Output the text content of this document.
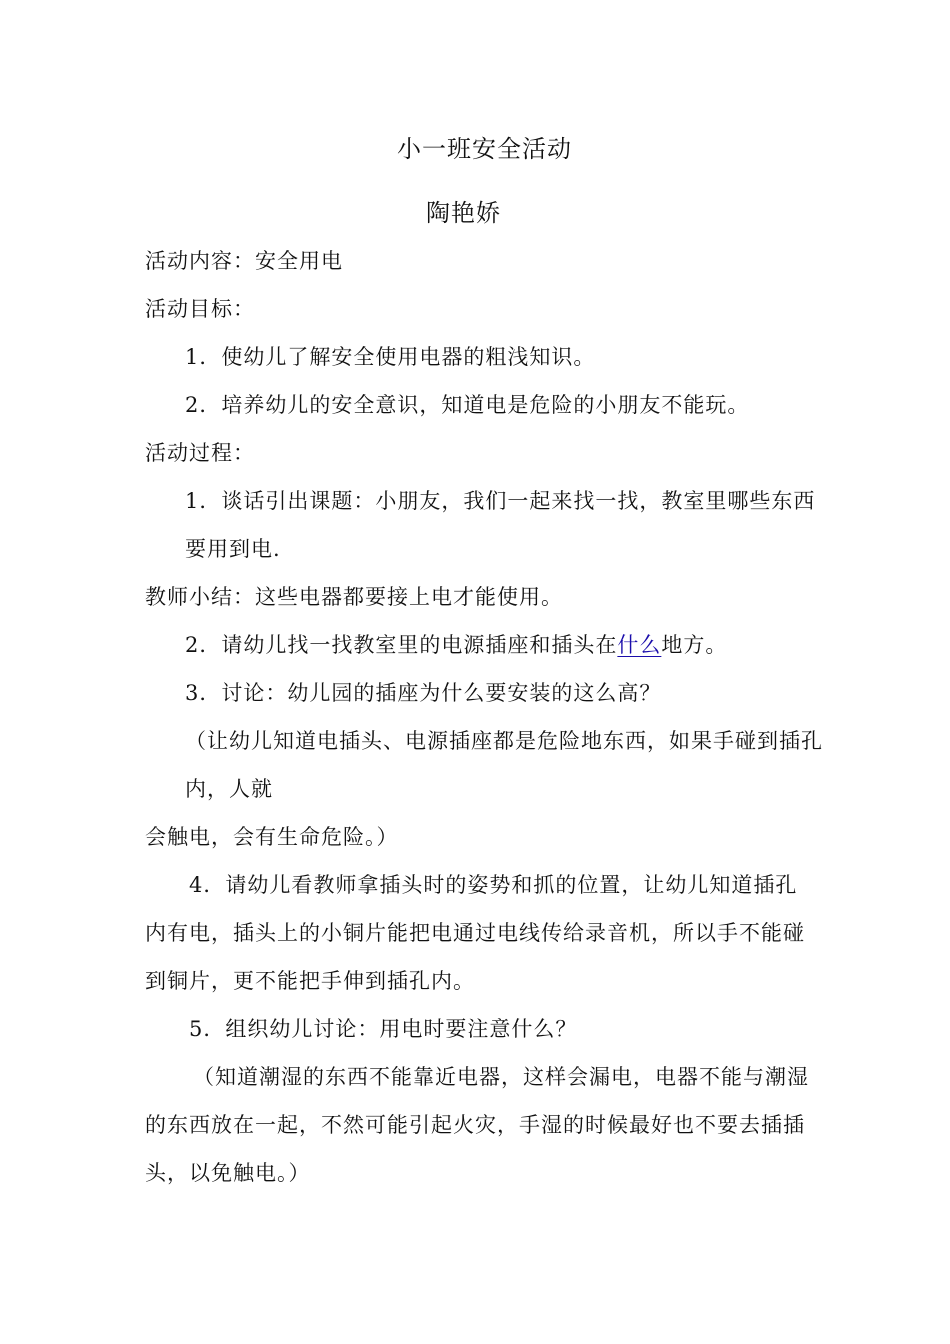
小一班安全活动
陶艳娇
活动内容：安全用电
活动目标：
1．使幼儿了解安全使用电器的粗浅知识。
2．培养幼儿的安全意识，知道电是危险的小朋友不能玩。
活动过程：
1．谈话引出课题：小朋友，我们一起来找一找，教室里哪些东西
要用到电.
教师小结：这些电器都要接上电才能使用。
2．请幼儿找一找教室里的电源插座和插头在什么地方。
3．讨论：幼儿园的插座为什么要安装的这么高？
（让幼儿知道电插头、电源插座都是危险地东西，如果手碰到插孔
内，人就
会触电，会有生命危险。）
4．请幼儿看教师拿插头时的姿势和抓的位置，让幼儿知道插孔
内有电，插头上的小铜片能把电通过电线传给录音机，所以手不能碰
到铜片，更不能把手伸到插孔内。
5．组织幼儿讨论：用电时要注意什么？
（知道潮湿的东西不能靠近电器，这样会漏电，电器不能与潮湿
的东西放在一起，不然可能引起火灾，手湿的时候最好也不要去插插
头，以免触电。）
